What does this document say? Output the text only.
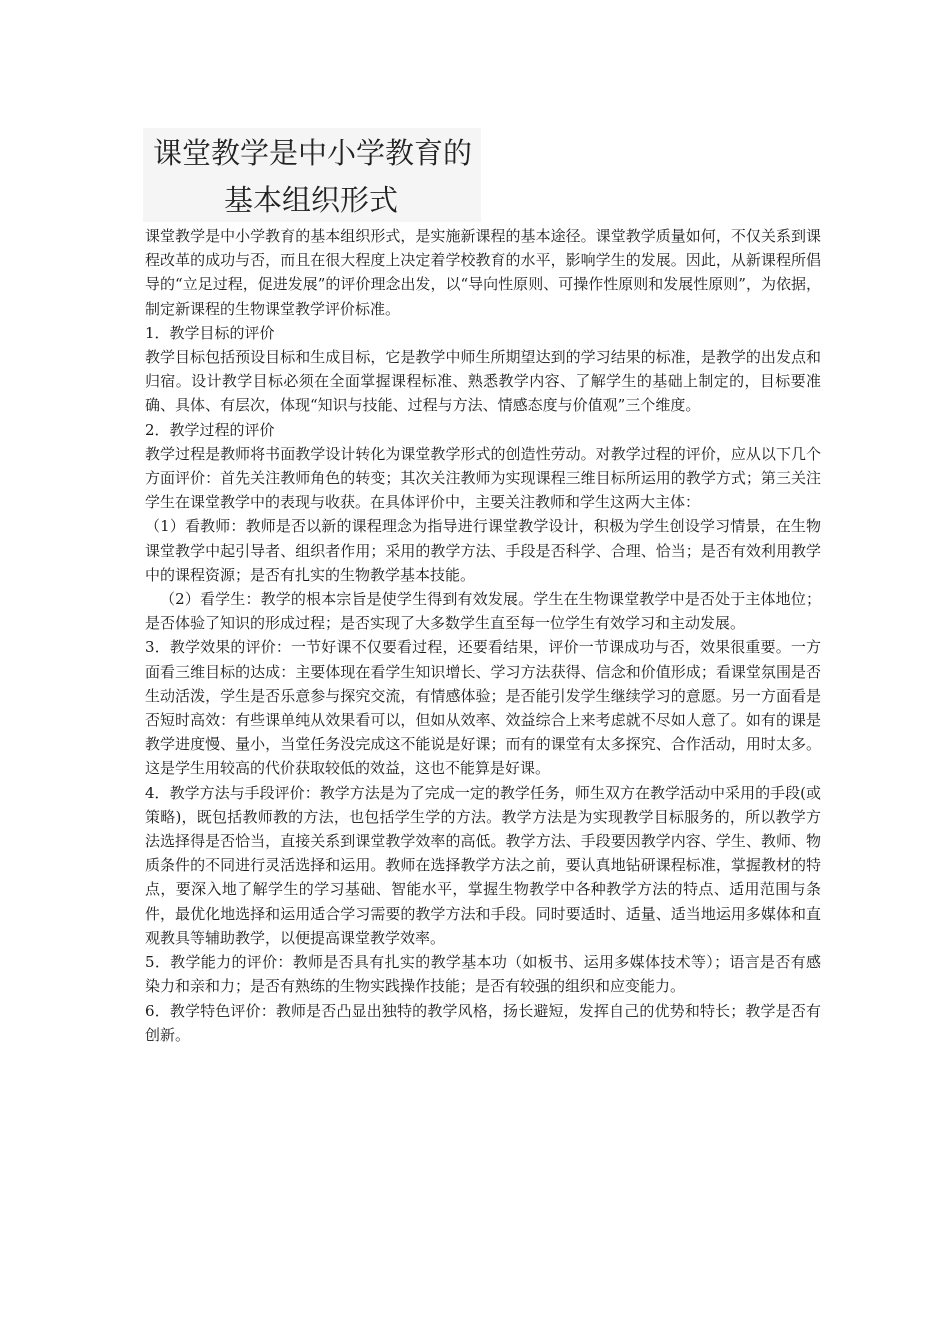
课堂教学是中小学教育的
基本组织形式

课堂教学是中小学教育的基本组织形式，是实施新课程的基本途径。课堂教学质量如何，不仅关系到课程改革的成功与否，而且在很大程度上决定着学校教育的水平，影响学生的发展。因此，从新课程所倡导的“立足过程，促进发展”的评价理念出发，以“导向性原则、可操作性原则和发展性原则”，为依据，制定新课程的生物课堂教学评价标准。

1．教学目标的评价

教学目标包括预设目标和生成目标，它是教学中师生所期望达到的学习结果的标准，是教学的出发点和归宿。设计教学目标必须在全面掌握课程标准、熟悉教学内容、了解学生的基础上制定的，目标要准确、具体、有层次，体现“知识与技能、过程与方法、情感态度与价值观”三个维度。

2．教学过程的评价

教学过程是教师将书面教学设计转化为课堂教学形式的创造性劳动。对教学过程的评价，应从以下几个方面评价：首先关注教师角色的转变；其次关注教师为实现课程三维目标所运用的教学方式；第三关注学生在课堂教学中的表现与收获。在具体评价中，主要关注教师和学生这两大主体：

（1）看教师：教师是否以新的课程理念为指导进行课堂教学设计，积极为学生创设学习情景，在生物课堂教学中起引导者、组织者作用；采用的教学方法、手段是否科学、合理、恰当；是否有效利用教学中的课程资源；是否有扎实的生物教学基本技能。

（2）看学生：教学的根本宗旨是使学生得到有效发展。学生在生物课堂教学中是否处于主体地位；是否体验了知识的形成过程；是否实现了大多数学生直至每一位学生有效学习和主动发展。

3．教学效果的评价：一节好课不仅要看过程，还要看结果，评价一节课成功与否，效果很重要。一方面看三维目标的达成：主要体现在看学生知识增长、学习方法获得、信念和价值形成；看课堂氛围是否生动活泼，学生是否乐意参与探究交流，有情感体验；是否能引发学生继续学习的意愿。另一方面看是否短时高效：有些课单纯从效果看可以，但如从效率、效益综合上来考虑就不尽如人意了。如有的课是教学进度慢、量小，当堂任务没完成这不能说是好课；而有的课堂有太多探究、合作活动，用时太多。这是学生用较高的代价获取较低的效益，这也不能算是好课。

4．教学方法与手段评价：教学方法是为了完成一定的教学任务，师生双方在教学活动中采用的手段(或策略)，既包括教师教的方法，也包括学生学的方法。教学方法是为实现教学目标服务的，所以教学方法选择得是否恰当，直接关系到课堂教学效率的高低。教学方法、手段要因教学内容、学生、教师、物质条件的不同进行灵活选择和运用。教师在选择教学方法之前，要认真地钻研课程标准，掌握教材的特点，要深入地了解学生的学习基础、智能水平，掌握生物教学中各种教学方法的特点、适用范围与条件，最优化地选择和运用适合学习需要的教学方法和手段。同时要适时、适量、适当地运用多媒体和直观教具等辅助教学，以便提高课堂教学效率。

5．教学能力的评价：教师是否具有扎实的教学基本功（如板书、运用多媒体技术等）；语言是否有感染力和亲和力；是否有熟练的生物实践操作技能；是否有较强的组织和应变能力。

6．教学特色评价：教师是否凸显出独特的教学风格，扬长避短，发挥自己的优势和特长；教学是否有创新。
